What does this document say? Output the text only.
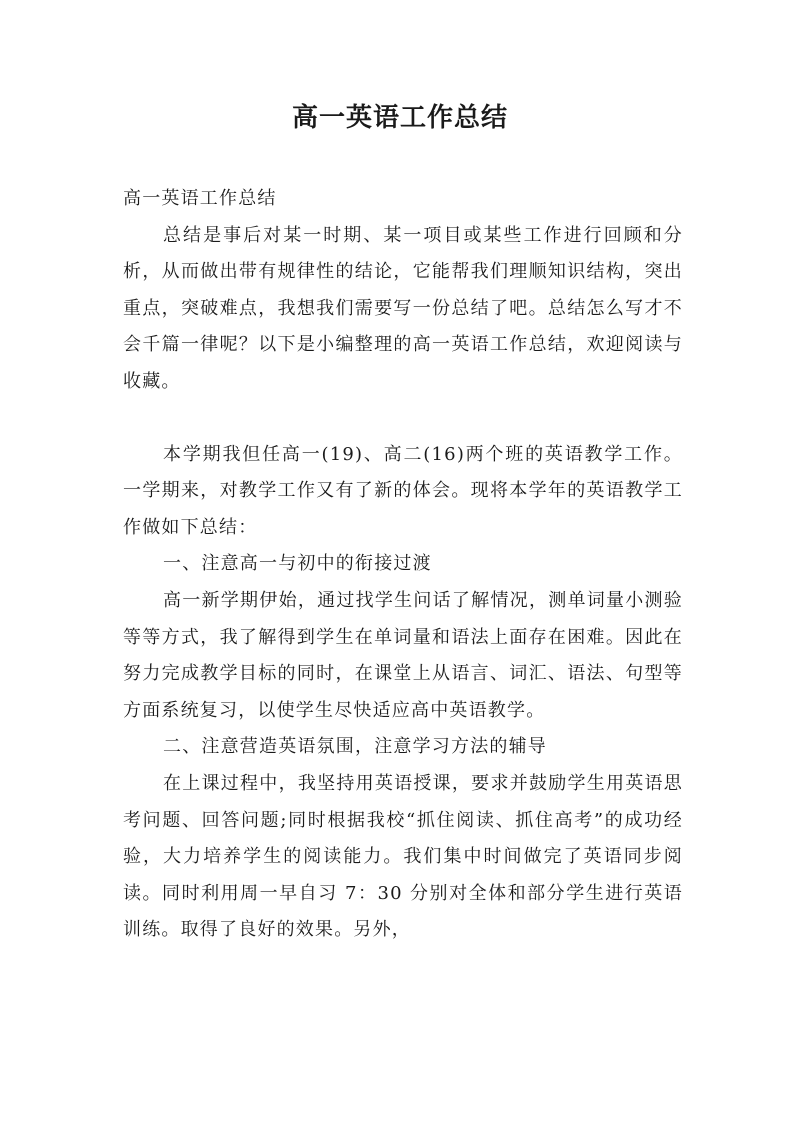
高一英语工作总结

高一英语工作总结

总结是事后对某一时期、某一项目或某些工作进行回顾和分析，从而做出带有规律性的结论，它能帮我们理顺知识结构，突出重点，突破难点，我想我们需要写一份总结了吧。总结怎么写才不会千篇一律呢？以下是小编整理的高一英语工作总结，欢迎阅读与收藏。

本学期我但任高一(19)、高二(16)两个班的英语教学工作。一学期来，对教学工作又有了新的体会。现将本学年的英语教学工作做如下总结：

一、注意高一与初中的衔接过渡

高一新学期伊始，通过找学生问话了解情况，测单词量小测验等等方式，我了解得到学生在单词量和语法上面存在困难。因此在努力完成教学目标的同时，在课堂上从语言、词汇、语法、句型等方面系统复习，以使学生尽快适应高中英语教学。

二、注意营造英语氛围，注意学习方法的辅导

在上课过程中，我坚持用英语授课，要求并鼓励学生用英语思考问题、回答问题;同时根据我校“抓住阅读、抓住高考”的成功经验，大力培养学生的阅读能力。我们集中时间做完了英语同步阅读。同时利用周一早自习 7：30 分别对全体和部分学生进行英语训练。取得了良好的效果。另外，
